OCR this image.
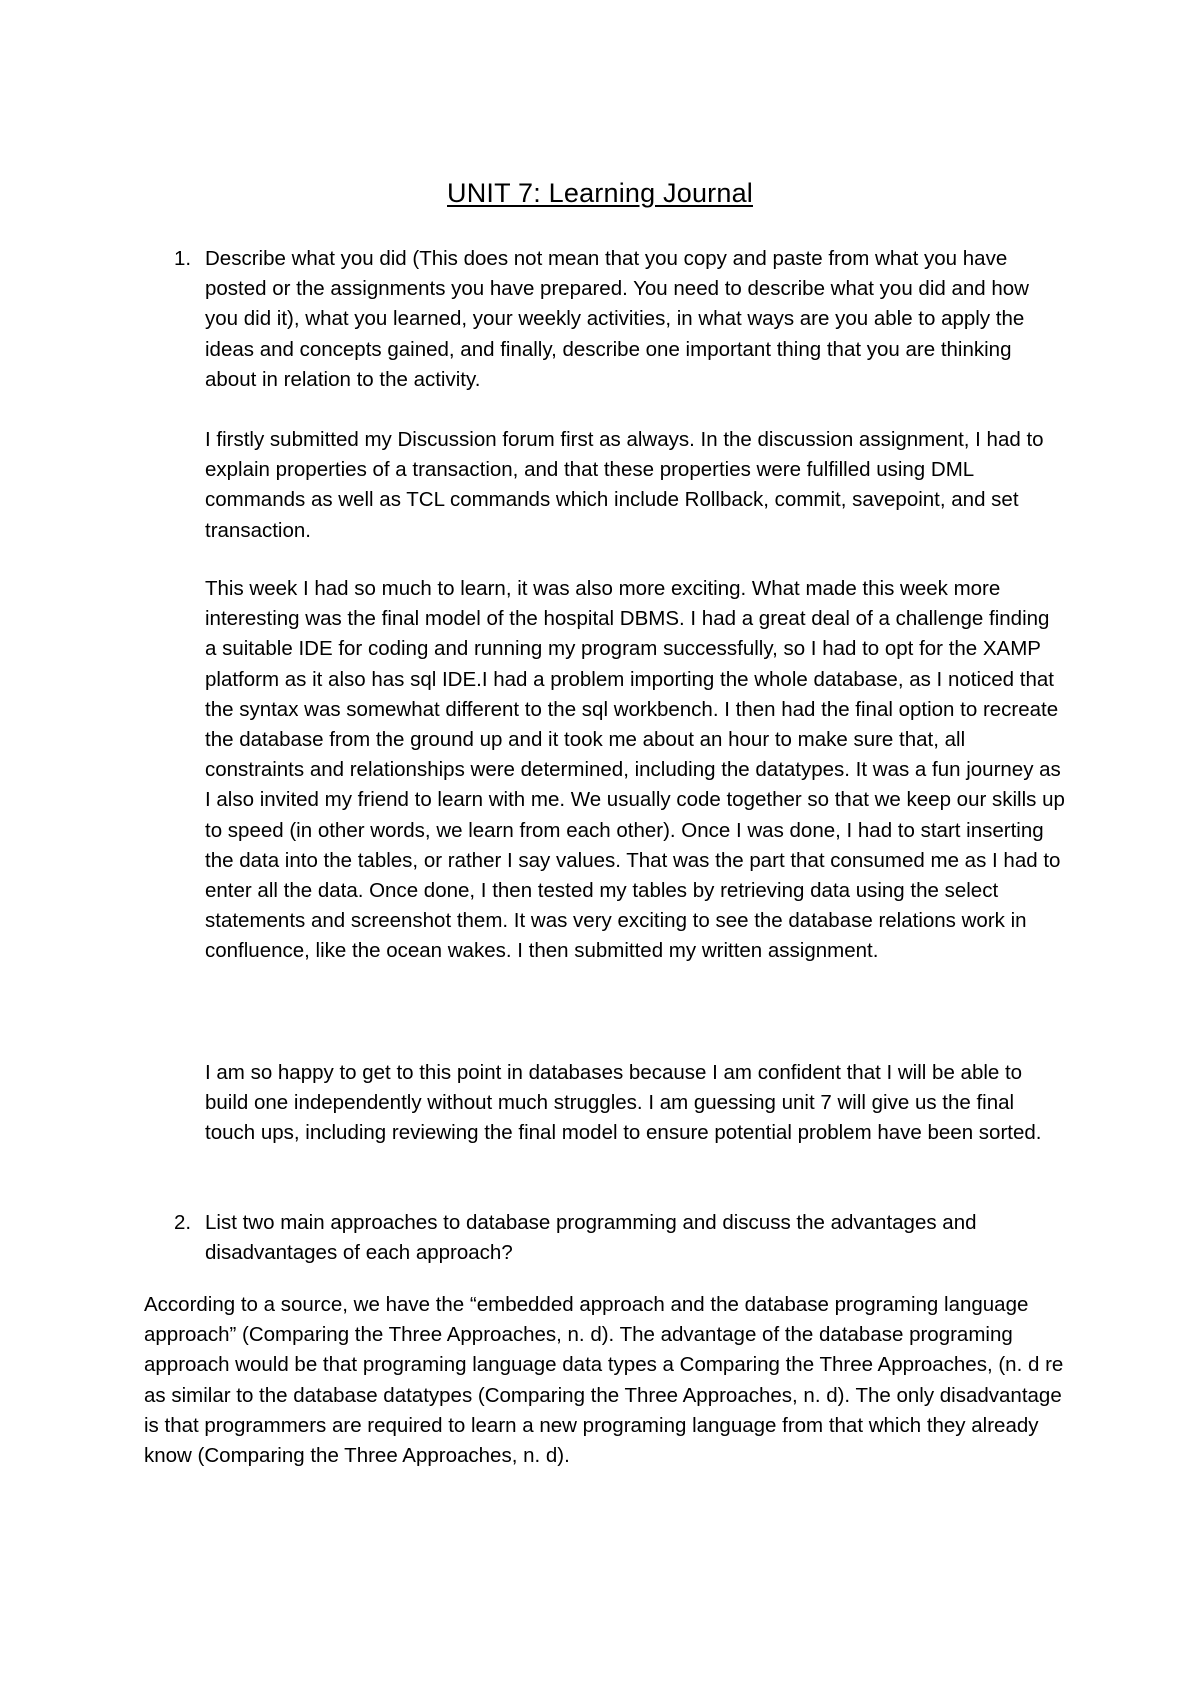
UNIT 7: Learning Journal
1. Describe what you did (This does not mean that you copy and paste from what you have posted or the assignments you have prepared. You need to describe what you did and how you did it), what you learned, your weekly activities, in what ways are you able to apply the ideas and concepts gained, and finally, describe one important thing that you are thinking about in relation to the activity.
I firstly submitted my Discussion forum first as always. In the discussion assignment, I had to explain properties of a transaction, and that these properties were fulfilled using DML commands as well as TCL commands which include Rollback, commit, savepoint, and set transaction.
This week I had so much to learn, it was also more exciting. What made this week more interesting was the final model of the hospital DBMS. I had a great deal of a challenge finding a suitable IDE for coding and running my program successfully, so I had to opt for the XAMP platform as it also has sql IDE.I had a problem importing the whole database, as I noticed that the syntax was somewhat different to the sql workbench. I then had the final option to recreate the database from the ground up and it took me about an hour to make sure that, all constraints and relationships were determined, including the datatypes. It was a fun journey as I also invited my friend to learn with me. We usually code together so that we keep our skills up to speed (in other words, we learn from each other). Once I was done, I had to start inserting the data into the tables, or rather I say values. That was the part that consumed me as I had to enter all the data. Once done, I then tested my tables by retrieving data using the select statements and screenshot them. It was very exciting to see the database relations work in confluence, like the ocean wakes. I then submitted my written assignment.
I am so happy to get to this point in databases because I am confident that I will be able to build one independently without much struggles. I am guessing unit 7 will give us the final touch ups, including reviewing the final model to ensure potential problem have been sorted.
2. List two main approaches to database programming and discuss the advantages and disadvantages of each approach?
According to a source, we have the “embedded approach and the database programing language approach” (Comparing the Three Approaches, n. d). The advantage of the database programing approach would be that programing language data types a Comparing the Three Approaches, (n. d re as similar to the database datatypes (Comparing the Three Approaches, n. d). The only disadvantage is that programmers are required to learn a new programing language from that which they already know (Comparing the Three Approaches, n. d).
